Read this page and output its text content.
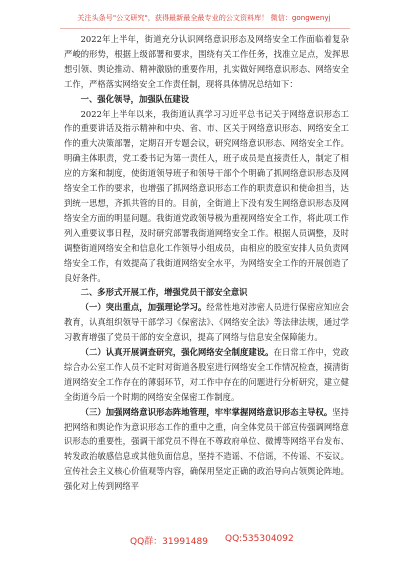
关注头条号"公文研究"，获得最新最全最专业的公文资料库！ 微信：gongwenyj

2022年上半年，街道充分认识网络意识形态及网络安全工作面临着复杂严峻的形势，根据上级部署和要求，围绕有关工作任务，找准立足点，发挥思想引领、舆论推动、精神激励的重要作用，扎实做好网络意识形态、网络安全工作，严格落实网络安全工作责任制，现将具体情况总结如下：

一、强化领导，加强队伍建设

2022年上半年以来，我街道认真学习习近平总书记关于网络意识形态工作的重要讲话及指示精神和中央、省、市、区关于网络意识形态、网络安全工作的重大决策部署，定期召开专题会议，研究网络意识形态、网络安全工作。明确主体职责，党工委书记为第一责任人，班子成员是直接责任人，制定了相应的方案和制度，使街道领导班子和领导干部个个明确了抓网络意识形态及网络安全工作的要求，也增强了抓网络意识形态工作的职责意识和使命担当，达到统一思想，齐抓共管的目的。目前，全街道上下没有发生网络意识形态及网络安全方面的明显问题。我街道党政领导极为重视网络安全工作，将此项工作列入重要议事日程，及时研究部署我街道网络安全工作。根据人员调整，及时调整街道网络安全和信息化工作领导小组成员，由相应的股室安排人员负责网络安全工作，有效提高了我街道网络安全水平，为网络安全工作的开展创造了良好条件。

二、多形式开展工作，增强党员干部安全意识

（一）突出重点，加强理论学习。经常性地对涉密人员进行保密应知应会教育，认真组织领导干部学习《保密法》、《网络安全法》等法律法规，通过学习教育增强了党员干部的安全意识，提高了网络与信息安全保障能力。

（二）认真开展调查研究，强化网络安全制度建设。在日常工作中，党政综合办公室工作人员不定时对街道各股室进行网络安全工作情况检查，摸清街道网络安全工作存在的薄弱环节，对工作中存在的问题进行分析研究，建立健全街道今后一个时期的网络安全保密工作制度。

（三）加强网络意识形态阵地管理，牢牢掌握网络意识形态主导权。坚持把网络和舆论作为意识形态工作的重中之重，向全体党员干部宣传强调网络意识形态的重要性，强调干部党员不得在不尊政府单位、微博等网络平台发布、转发政治敏感信息或其他负面信息，坚持不造谣、不信谣，不传谣、不妄议。宣传社会主义核心价值观等内容，确保用坚定正确的政治导向占领舆论阵地。强化对上传到网络平

QQ群：31991489 QQ:535304092
